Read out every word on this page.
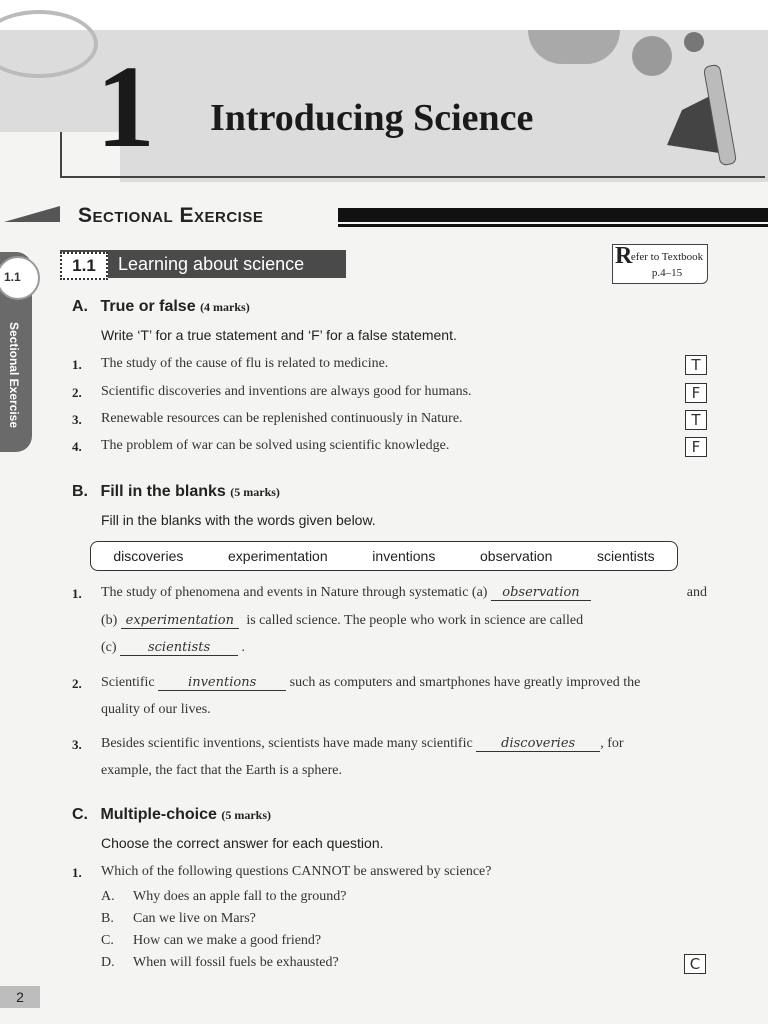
1 Introducing Science
Sectional Exercise
1.1
Sectional Exercise
1.1	Learning about science	R
efer to Textbook
p.4–15
A. True or false (4 marks)
Write ‘T’ for a true statement and ‘F’ for a false statement.
1. The study of the cause of flu is related to medicine.	T
2. Scientific discoveries and inventions are always good for humans.	F
3. Renewable resources can be replenished continuously in Nature.	T
4. The problem of war can be solved using scientific knowledge.	F
B. Fill in the blanks (5 marks)
Fill in the blanks with the words given below.
discoveries	experimentation	inventions	observation	scientists
1. The study of phenomena and events in Nature through systematic (a) observation	and
(b) experimentation is called science. The people who work in science are called
(c) scientists .
2. Scientific	inventions such as computers and smartphones have greatly improved the
quality of our lives.
3. Besides scientific inventions, scientists have made many scientific discoveries , for
example, the fact that the Earth is a sphere.
C. Multiple-choice (5 marks)
Choose the correct answer for each question.
1. Which of the following questions CANNOT be answered by science?
A. Why does an apple fall to the ground?
B. Can we live on Mars?
C. How can we make a good friend?
D. When will fossil fuels be exhausted?	C
2
